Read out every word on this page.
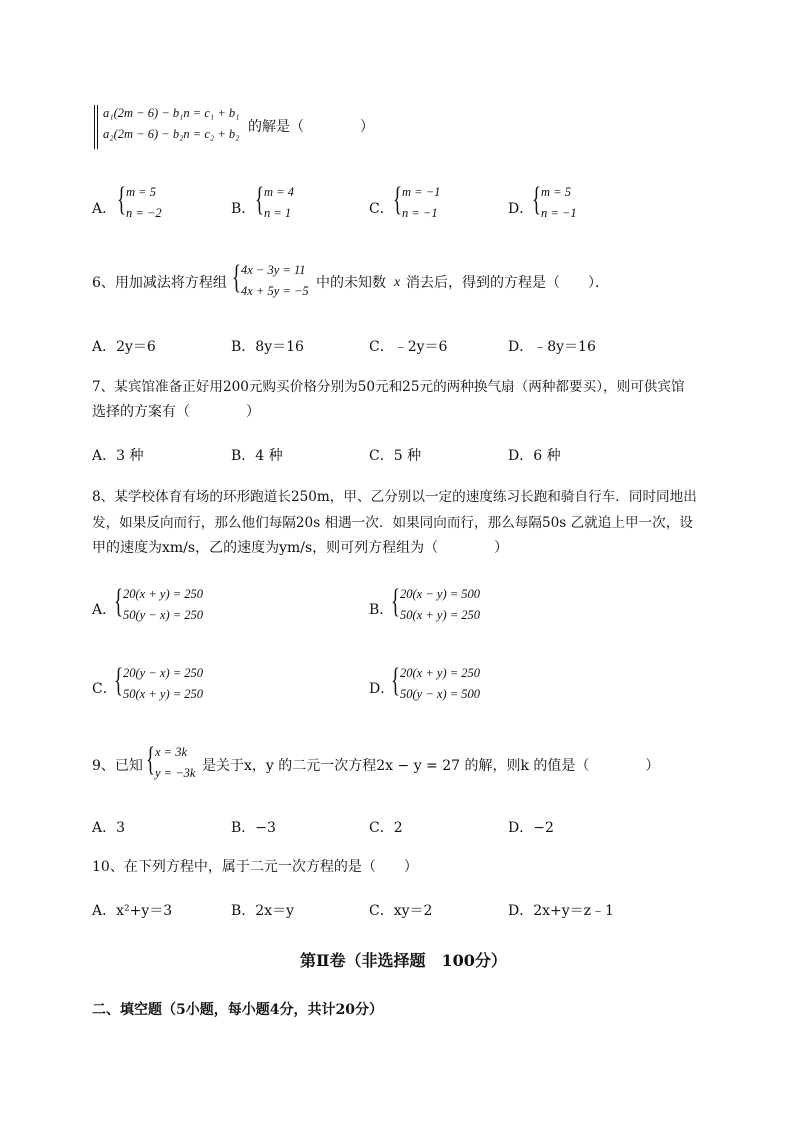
a₁(2m − 6) − b₁n = c₁ + b₁
a₂(2m − 6) − b₂n = c₂ + b₂ 的解是（　　　　）
A． { m = 5
n = −2	B． { m = 4
n = 1	C． { m = −1
n = −1	D．
{ m = 5
n = −1
6、用加减法将方程组 { 4x − 3y = 11
4x + 5y = −5 中的未知数 x 消去后，得到的方程是（　　）．
A．2y＝6	B．8y＝16	C．﹣2y＝6	D．﹣8y＝16
7、某宾馆准备正好用200元购买价格分别为50元和25元的两种换气扇（两种都要买），则可供宾馆
选择的方案有（　　　　）
A．3 种	B．4 种	C．5 种	D．6 种
8、某学校体育有场的环形跑道长250m，甲、乙分别以一定的速度练习长跑和骑自行车．同时同地出
发，如果反向而行，那么他们每隔20s 相遇一次．如果同向而行，那么每隔50s 乙就追上甲一次，设
甲的速度为xm/s，乙的速度为ym/s，则可列方程组为（　　　　）
A．
{ 20(x + y) = 250
50(y − x) = 250	B．
{ 20(x − y) = 500
50(x + y) = 250
C．
{ 20(y − x) = 250
50(x + y) = 250	D．
{ 20(x + y) = 250
50(y − x) = 500
9、已知 { x = 3k
y = −3k 是关于x，y 的二元一次方程2x − y = 27 的解，则k 的值是（　　　　）
A．3	B．−3	C．2	D．−2
10、在下列方程中，属于二元一次方程的是（　　）
A．x²+y＝3	B．2x＝y	C．xy＝2	D．2x+y＝z﹣1
第Ⅱ卷（非选择题　100分）
二、填空题（5小题，每小题4分，共计20分）
